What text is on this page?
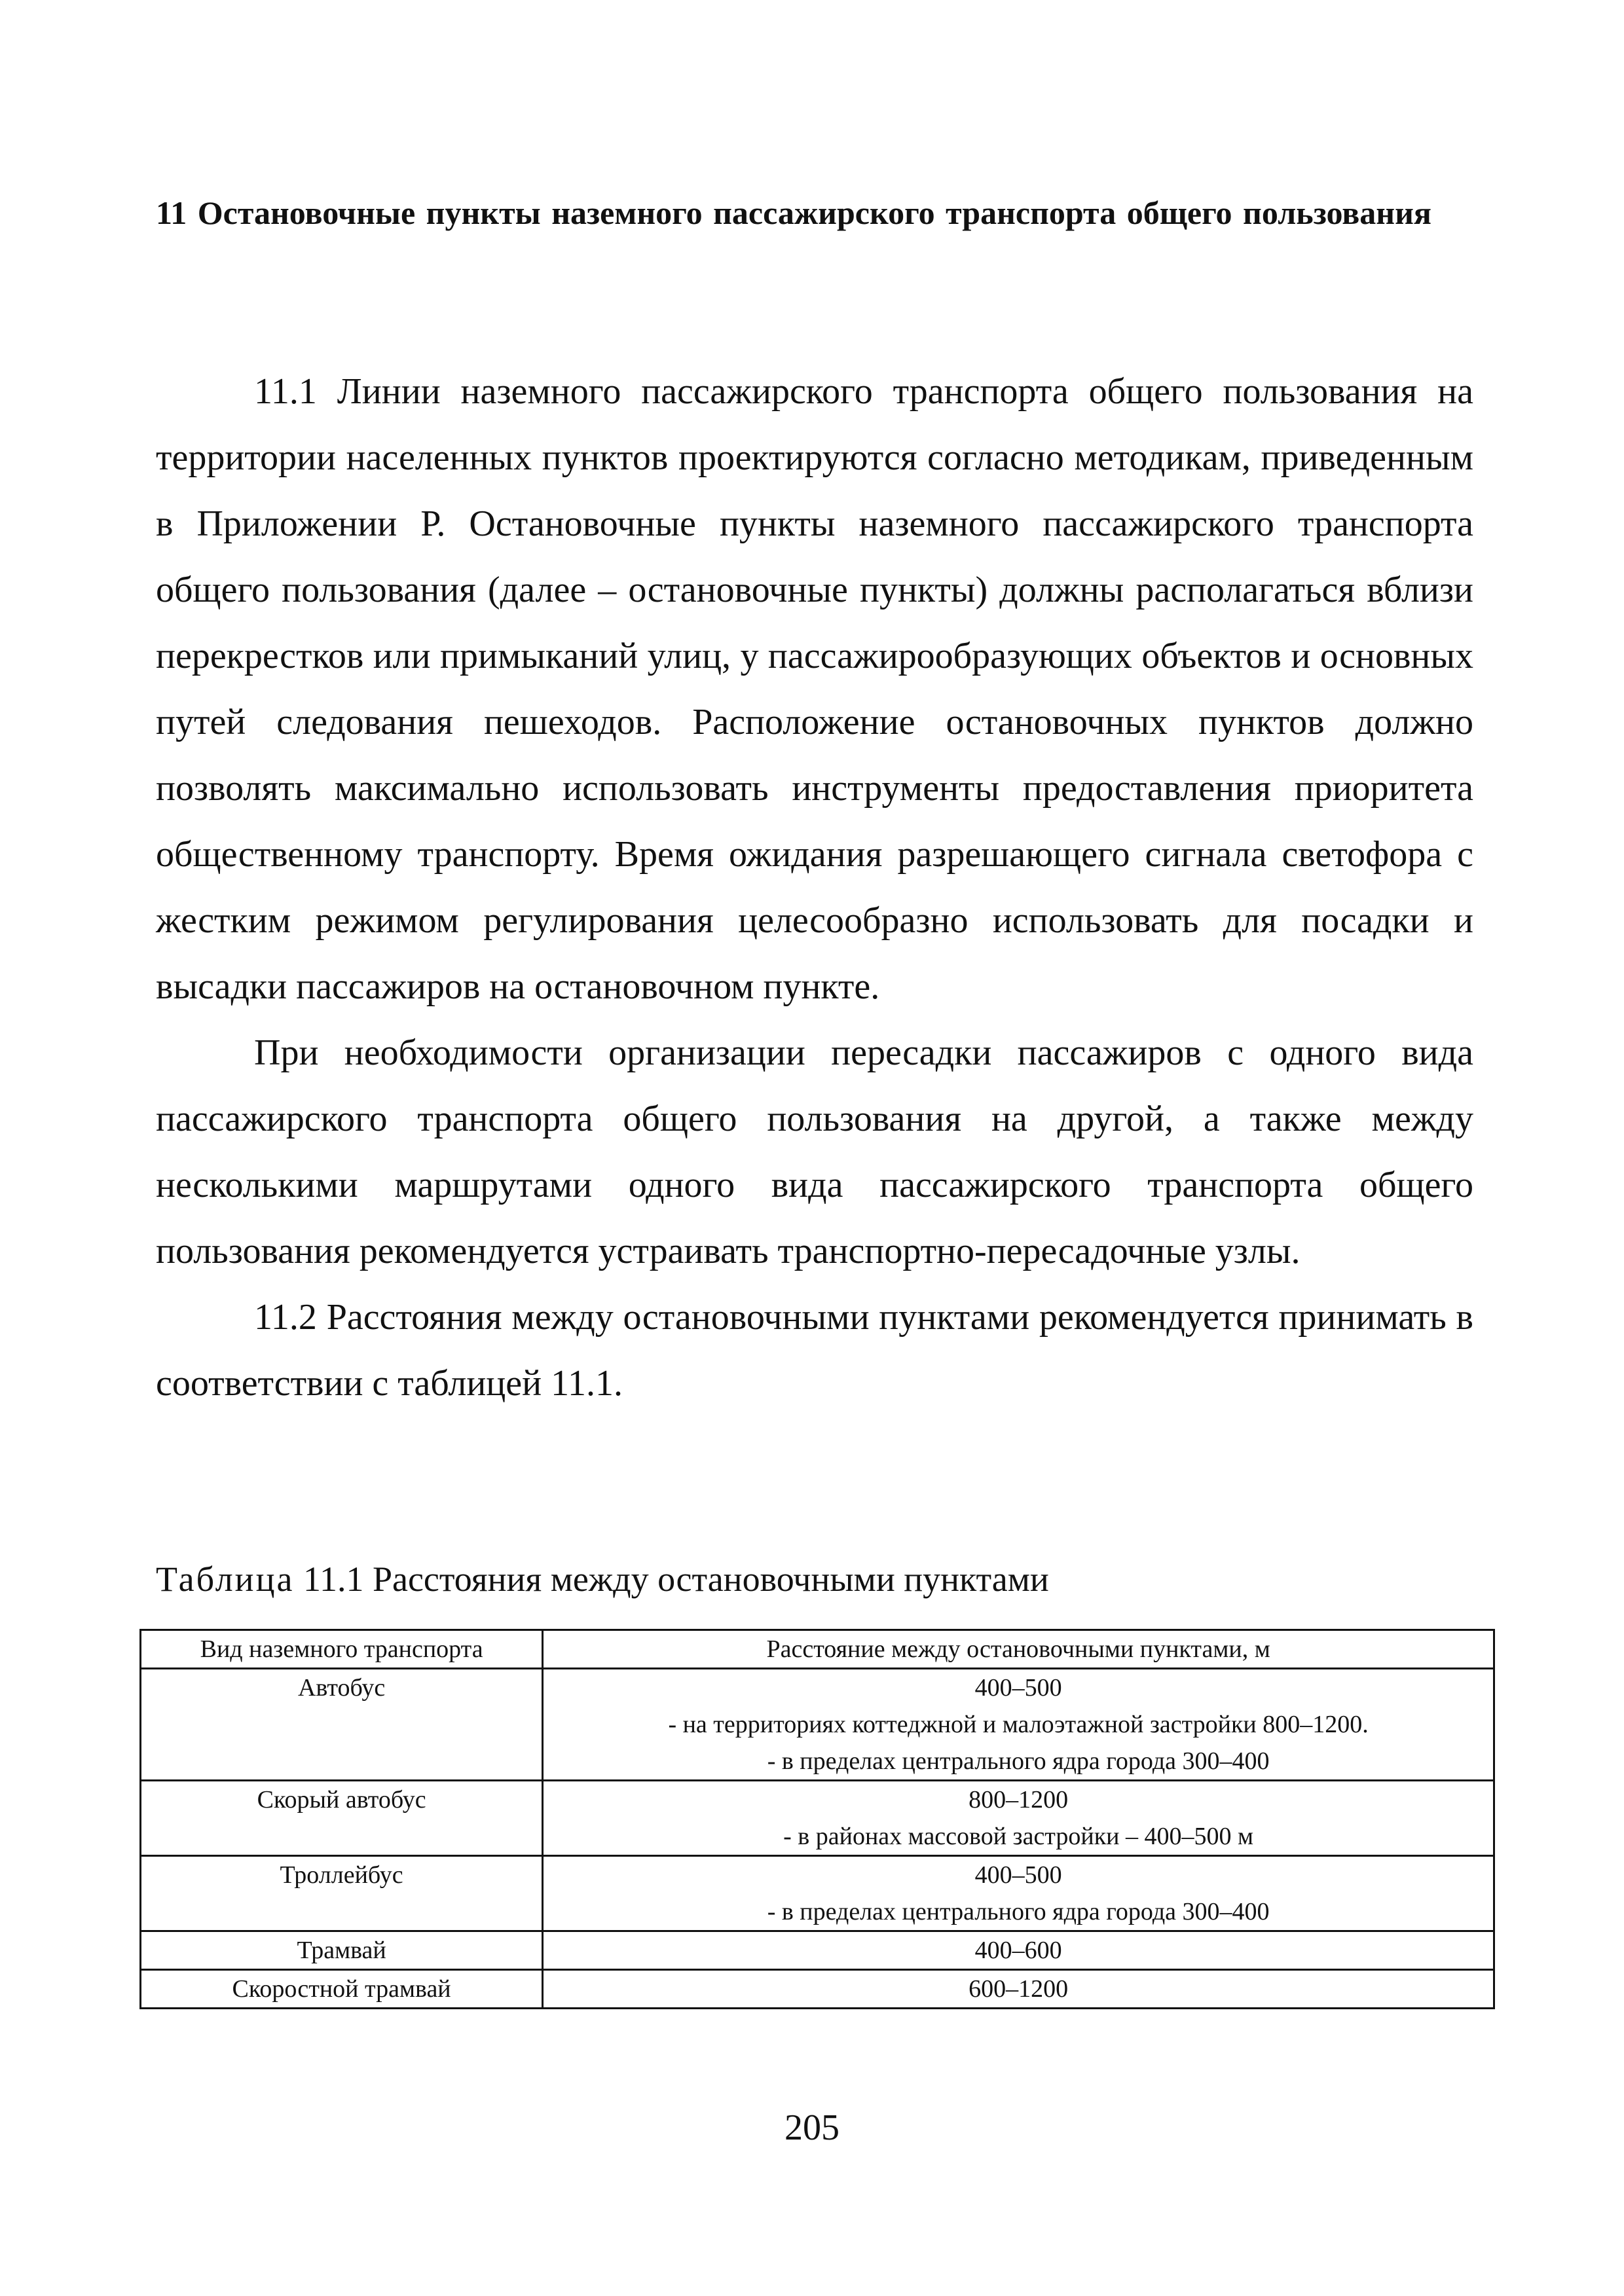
11 Остановочные пункты наземного пассажирского транспорта общего пользования

11.1 Линии наземного пассажирского транспорта общего пользования на территории населенных пунктов проектируются согласно методикам, приведенным в Приложении Р. Остановочные пункты наземного пассажирского транспорта общего пользования (далее – остановочные пункты) должны располагаться вблизи перекрестков или примыканий улиц, у пассажирообразующих объектов и основных путей следования пешеходов. Расположение остановочных пунктов должно позволять максимально использовать инструменты предоставления приоритета общественному транспорту. Время ожидания разрешающего сигнала светофора с жестким режимом регулирования целесообразно использовать для посадки и высадки пассажиров на остановочном пункте.

При необходимости организации пересадки пассажиров с одного вида пассажирского транспорта общего пользования на другой, а также между несколькими маршрутами одного вида пассажирского транспорта общего пользования рекомендуется устраивать транспортно-пересадочные узлы.

11.2 Расстояния между остановочными пунктами рекомендуется принимать в соответствии с таблицей 11.1.

Таблица 11.1 Расстояния между остановочными пунктами
Вид наземного транспорта	Расстояние между остановочными пунктами, м
Автобус	400–500
- на территориях коттеджной и малоэтажной застройки 800–1200.
- в пределах центрального ядра города 300–400

Скорый автобус	800–1200
- в районах массовой застройки – 400–500 м

Троллейбус	400–500
- в пределах центрального ядра города 300–400

Трамвай	400–600

Скоростной трамвай	600–1200
205
